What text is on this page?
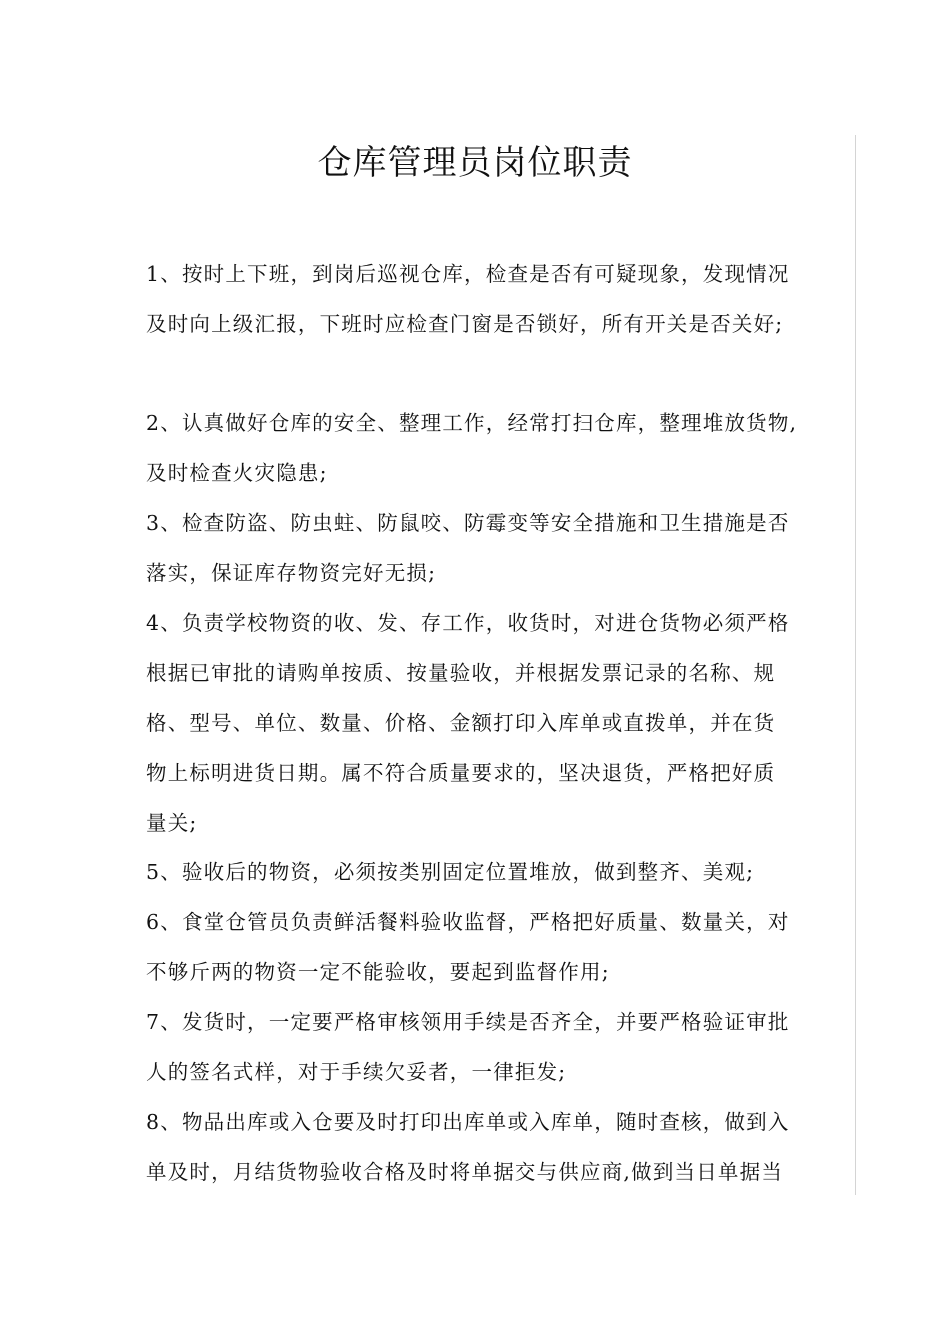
仓库管理员岗位职责
1、按时上下班，到岗后巡视仓库，检查是否有可疑现象，发现情况
及时向上级汇报，下班时应检查门窗是否锁好，所有开关是否关好;
2、认真做好仓库的安全、整理工作，经常打扫仓库，整理堆放货物,
及时检查火灾隐患;
3、检查防盗、防虫蛀、防鼠咬、防霉变等安全措施和卫生措施是否
落实，保证库存物资完好无损;
4、负责学校物资的收、发、存工作，收货时，对进仓货物必须严格
根据已审批的请购单按质、按量验收，并根据发票记录的名称、规
格、型号、单位、数量、价格、金额打印入库单或直拨单，并在货
物上标明进货日期。属不符合质量要求的，坚决退货，严格把好质
量关;
5、验收后的物资，必须按类别固定位置堆放，做到整齐、美观;
6、食堂仓管员负责鲜活餐料验收监督，严格把好质量、数量关，对
不够斤两的物资一定不能验收，要起到监督作用;
7、发货时，一定要严格审核领用手续是否齐全，并要严格验证审批
人的签名式样，对于手续欠妥者，一律拒发;
8、物品出库或入仓要及时打印出库单或入库单，随时查核，做到入
单及时，月结货物验收合格及时将单据交与供应商,做到当日单据当
